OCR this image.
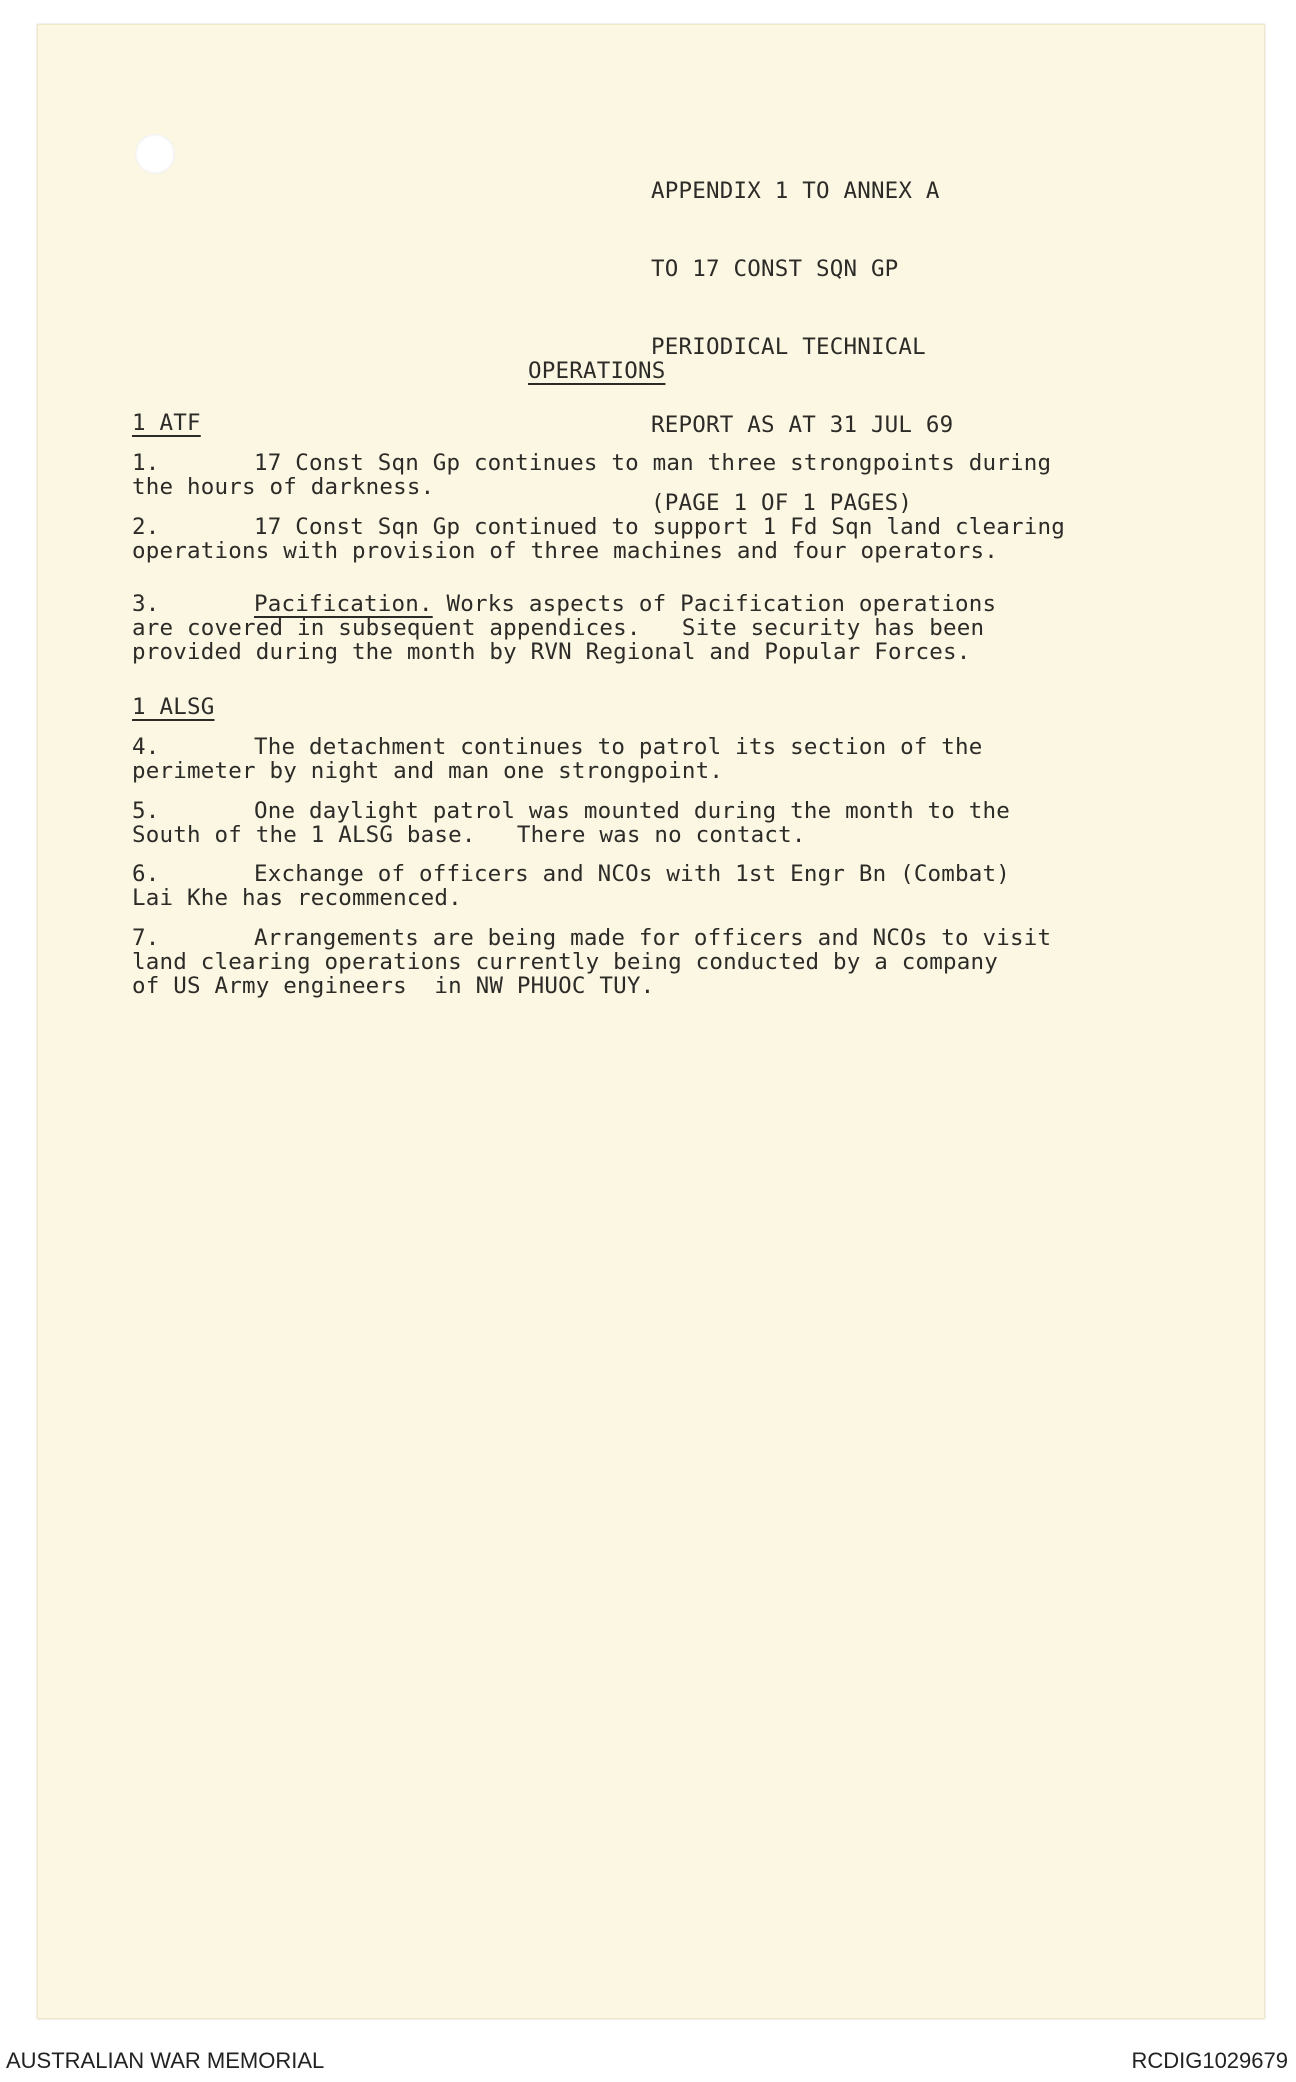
APPENDIX 1 TO ANNEX A

TO 17 CONST SQN GP

PERIODICAL TECHNICAL

REPORT AS AT 31 JUL 69

(PAGE 1 OF 1 PAGES)

OPERATIONS
1 ATF
1.	17 Const Sqn Gp continues to man three strongpoints during
the hours of darkness.
2.	17 Const Sqn Gp continued to support 1 Fd Sqn land clearing
operations with provision of three machines and four operators.
3.	Pacification. Works aspects of Pacification operations
are covered in subsequent appendices.   Site security has been
provided during the month by RVN Regional and Popular Forces.
1 ALSG
4.	The detachment continues to patrol its section of the
perimeter by night and man one strongpoint.
5.	One daylight patrol was mounted during the month to the
South of the 1 ALSG base.   There was no contact.
6.	Exchange of officers and NCOs with 1st Engr Bn (Combat)
Lai Khe has recommenced.
7.	Arrangements are being made for officers and NCOs to visit
land clearing operations currently being conducted by a company
of US Army engineers  in NW PHUOC TUY.
AUSTRALIAN WAR MEMORIAL	RCDIG1029679
